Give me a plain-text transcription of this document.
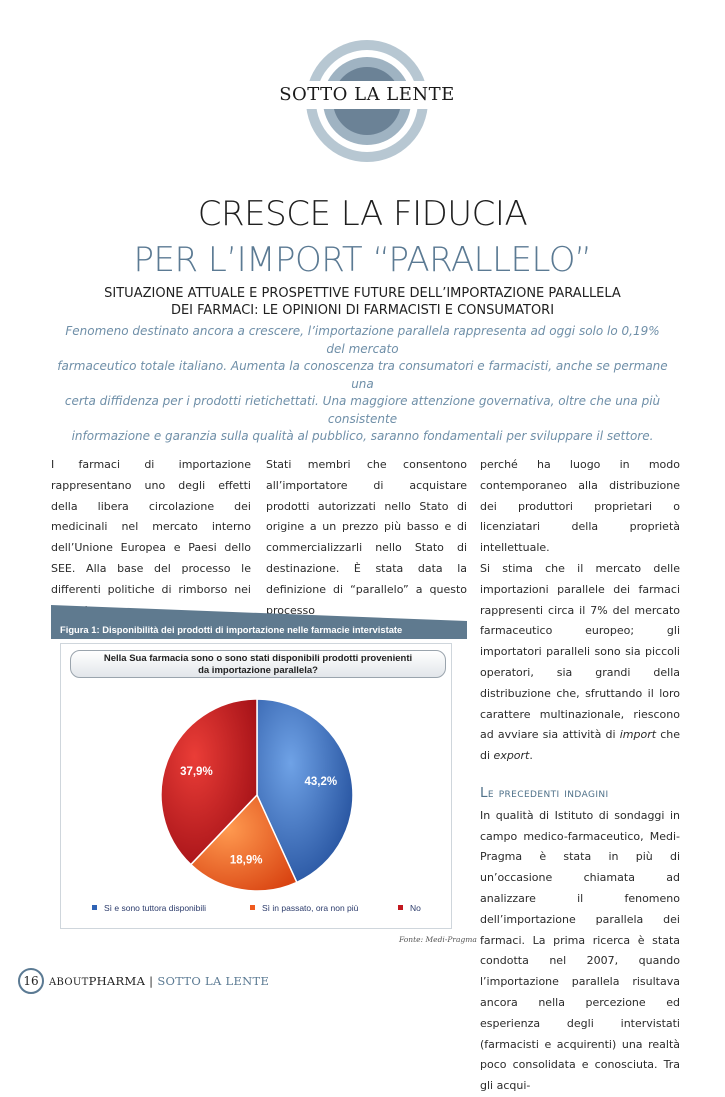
SOTTO LA LENTE
CRESCE LA FIDUCIA
PER L’IMPORT “PARALLELO”
SITUAZIONE ATTUALE E PROSPETTIVE FUTURE DELL’IMPORTAZIONE PARALLELA
DEI FARMACI: LE OPINIONI DI FARMACISTI E CONSUMATORI
Fenomeno destinato ancora a crescere, l’importazione parallela rappresenta ad oggi solo lo 0,19% del mercato
farmaceutico totale italiano. Aumenta la conoscenza tra consumatori e farmacisti, anche se permane una
certa diffidenza per i prodotti rietichettati. Una maggiore attenzione governativa, oltre che una più consistente
informazione e garanzia sulla qualità al pubblico, saranno fondamentali per sviluppare il settore.

I farmaci di importazione rappresentano uno degli effetti della libera circolazione dei medicinali nel mercato interno dell’Unione Europea e Paesi dello SEE. Alla base del processo le differenti politiche di rimborso nei

Stati membri che consentono all’importatore di acquistare prodotti autorizzati nello Stato di origine a un prezzo più basso e di commercializzarli nello Stato di destinazione. È stata data la definizione di “parallelo” a questo processo

perché ha luogo in modo contemporaneo alla distribuzione dei produttori proprietari o licenziatari della proprietà intellettuale.

Si stima che il mercato delle importazioni parallele dei farmaci rappresenti circa il 7% del mercato farmaceutico europeo; gli importatori paralleli sono sia piccoli operatori, sia grandi della distribuzione che, sfruttando il loro carattere multinazionale, riescono ad avviare sia attività di import che di export.

Le precedenti indagini

In qualità di Istituto di sondaggi in campo medico-farmaceutico, Medi-Pragma è stata in più di un’occasione chiamata ad analizzare il fenomeno dell’importazione parallela dei farmaci. La prima ricerca è stata condotta nel 2007, quando l’importazione parallela risultava ancora nella percezione ed esperienza degli intervistati (farmacisti e acquirenti) una realtà poco consolidata e conosciuta. Tra gli acqui-

Figura 1: Disponibilità dei prodotti di importazione nelle farmacie intervistate
Nella Sua farmacia sono o sono stati disponibili prodotti provenienti
da importazione parallela?
43,2%
18,9%
37,9%
Sì e sono tuttora disponibili	Sì in passato, ora non più	No
Fonte: Medi-Pragma
16	ABOUTPHARMA | SOTTO LA LENTE
